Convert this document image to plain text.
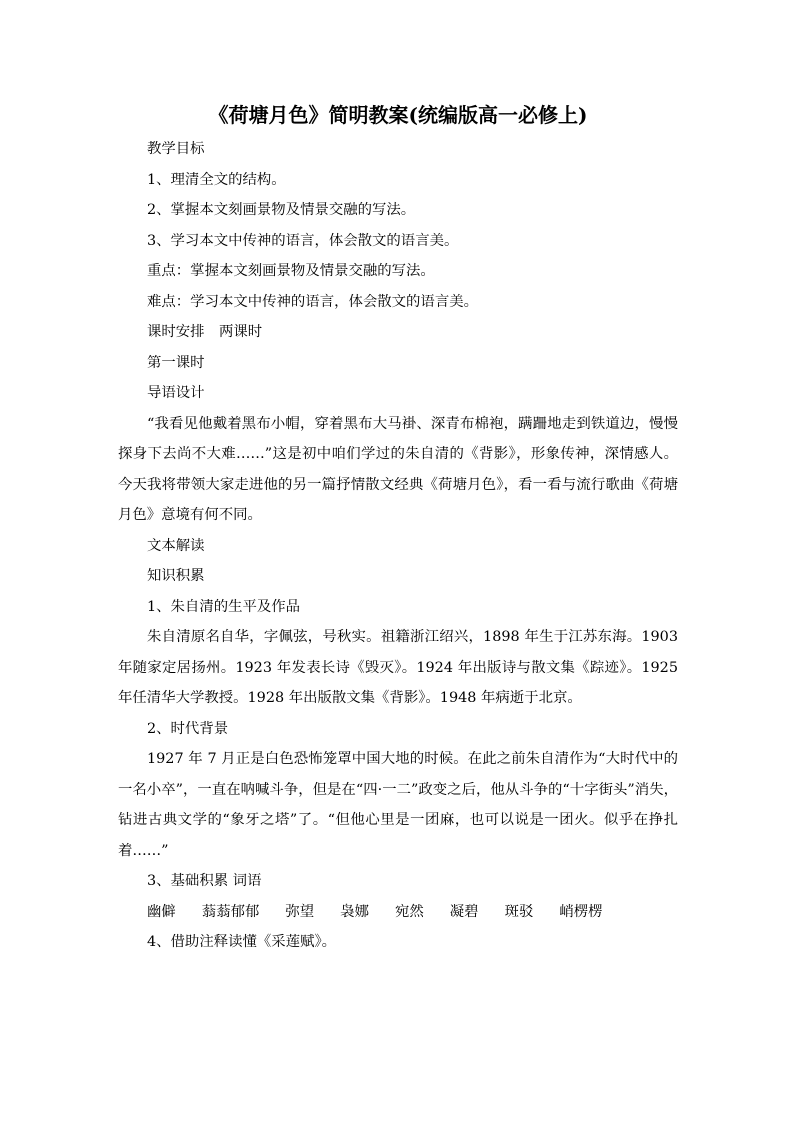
《荷塘月色》简明教案(统编版高一必修上)

教学目标

1、理清全文的结构。

2、掌握本文刻画景物及情景交融的写法。

3、学习本文中传神的语言，体会散文的语言美。

重点：掌握本文刻画景物及情景交融的写法。

难点：学习本文中传神的语言，体会散文的语言美。

课时安排　两课时

第一课时

导语设计

“我看见他戴着黑布小帽，穿着黑布大马褂、深青布棉袍，蹒跚地走到铁道边，慢慢探身下去尚不大难……”这是初中咱们学过的朱自清的《背影》，形象传神，深情感人。今天我将带领大家走进他的另一篇抒情散文经典《荷塘月色》，看一看与流行歌曲《荷塘月色》意境有何不同。

文本解读

知识积累

1、朱自清的生平及作品

朱自清原名自华，字佩弦，号秋实。祖籍浙江绍兴，1898 年生于江苏东海。1903 年随家定居扬州。1923 年发表长诗《毁灭》。1924 年出版诗与散文集《踪迹》。1925 年任清华大学教授。1928 年出版散文集《背影》。1948 年病逝于北京。

2、时代背景

1927 年 7 月正是白色恐怖笼罩中国大地的时候。在此之前朱自清作为“大时代中的一名小卒”，一直在呐喊斗争，但是在“四·一二”政变之后，他从斗争的“十字街头”消失，钻进古典文学的“象牙之塔”了。“但他心里是一团麻，也可以说是一团火。似乎在挣扎着……”

3、基础积累 词语

幽僻 蓊蓊郁郁 弥望 袅娜 宛然 凝碧 斑驳 峭楞楞

4、借助注释读懂《采莲赋》。
